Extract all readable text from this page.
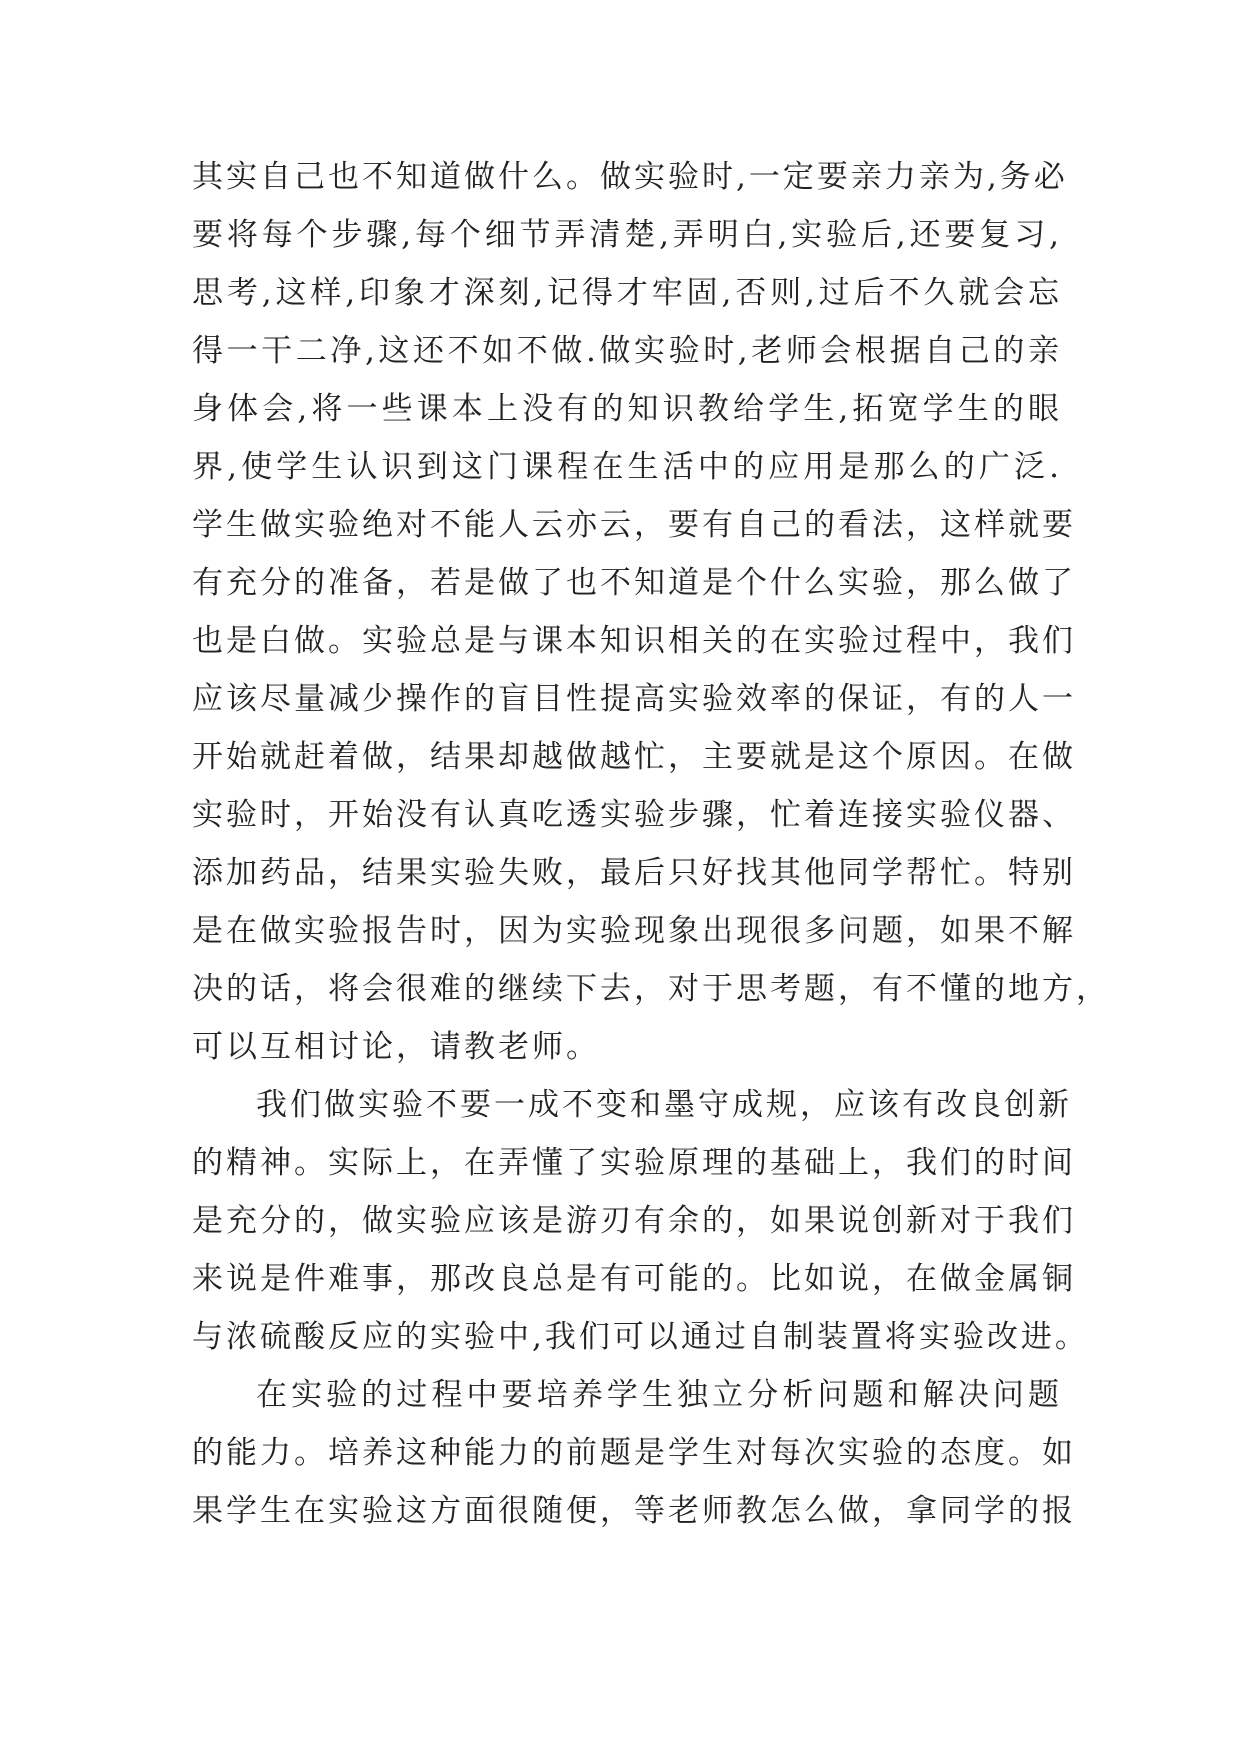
其实自己也不知道做什么。做实验时,一定要亲力亲为,务必
要将每个步骤,每个细节弄清楚,弄明白,实验后,还要复习,
思考,这样,印象才深刻,记得才牢固,否则,过后不久就会忘
得一干二净,这还不如不做.做实验时,老师会根据自己的亲
身体会,将一些课本上没有的知识教给学生,拓宽学生的眼
界,使学生认识到这门课程在生活中的应用是那么的广泛.
学生做实验绝对不能人云亦云，要有自己的看法，这样就要
有充分的准备，若是做了也不知道是个什么实验，那么做了
也是白做。实验总是与课本知识相关的在实验过程中，我们
应该尽量减少操作的盲目性提高实验效率的保证，有的人一
开始就赶着做，结果却越做越忙，主要就是这个原因。在做
实验时，开始没有认真吃透实验步骤，忙着连接实验仪器、
添加药品，结果实验失败，最后只好找其他同学帮忙。特别
是在做实验报告时，因为实验现象出现很多问题，如果不解
决的话，将会很难的继续下去，对于思考题，有不懂的地方，
可以互相讨论，请教老师。
我们做实验不要一成不变和墨守成规，应该有改良创新
的精神。实际上，在弄懂了实验原理的基础上，我们的时间
是充分的，做实验应该是游刃有余的，如果说创新对于我们
来说是件难事，那改良总是有可能的。比如说，在做金属铜
与浓硫酸反应的实验中,我们可以通过自制装置将实验改进。
在实验的过程中要培养学生独立分析问题和解决问题
的能力。培养这种能力的前题是学生对每次实验的态度。如
果学生在实验这方面很随便，等老师教怎么做，拿同学的报
